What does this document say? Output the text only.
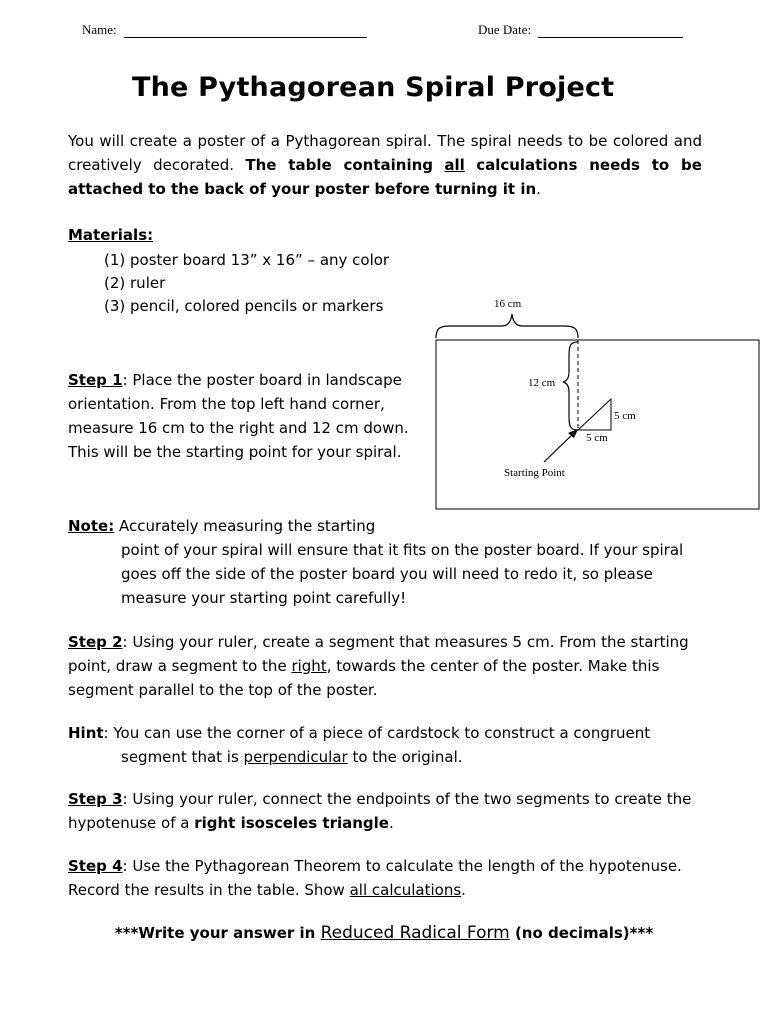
Name:	Due Date:
The Pythagorean Spiral Project
You will create a poster of a Pythagorean spiral. The spiral needs to be colored and creatively decorated. The table containing all calculations needs to be attached to the back of your poster before turning it in.
Materials:
(1) poster board 13” x 16” – any color
(2) ruler
(3) pencil, colored pencils or markers	16 cm
12 cm
5 cm
5 cm
Starting Point
Step 1: Place the poster board in landscape orientation. From the top left hand corner, measure 16 cm to the right and 12 cm down. This will be the starting point for your spiral.
Note: Accurately measuring the starting
point of your spiral will ensure that it fits on the poster board. If your spiral goes off the side of the poster board you will need to redo it, so please measure your starting point carefully!
Step 2: Using your ruler, create a segment that measures 5 cm. From the starting point, draw a segment to the right, towards the center of the poster. Make this segment parallel to the top of the poster.
Hint: You can use the corner of a piece of cardstock to construct a congruent
segment that is perpendicular to the original.
Step 3: Using your ruler, connect the endpoints of the two segments to create the hypotenuse of a right isosceles triangle.
Step 4: Use the Pythagorean Theorem to calculate the length of the hypotenuse. Record the results in the table. Show all calculations.
***Write your answer in Reduced Radical Form (no decimals)***
